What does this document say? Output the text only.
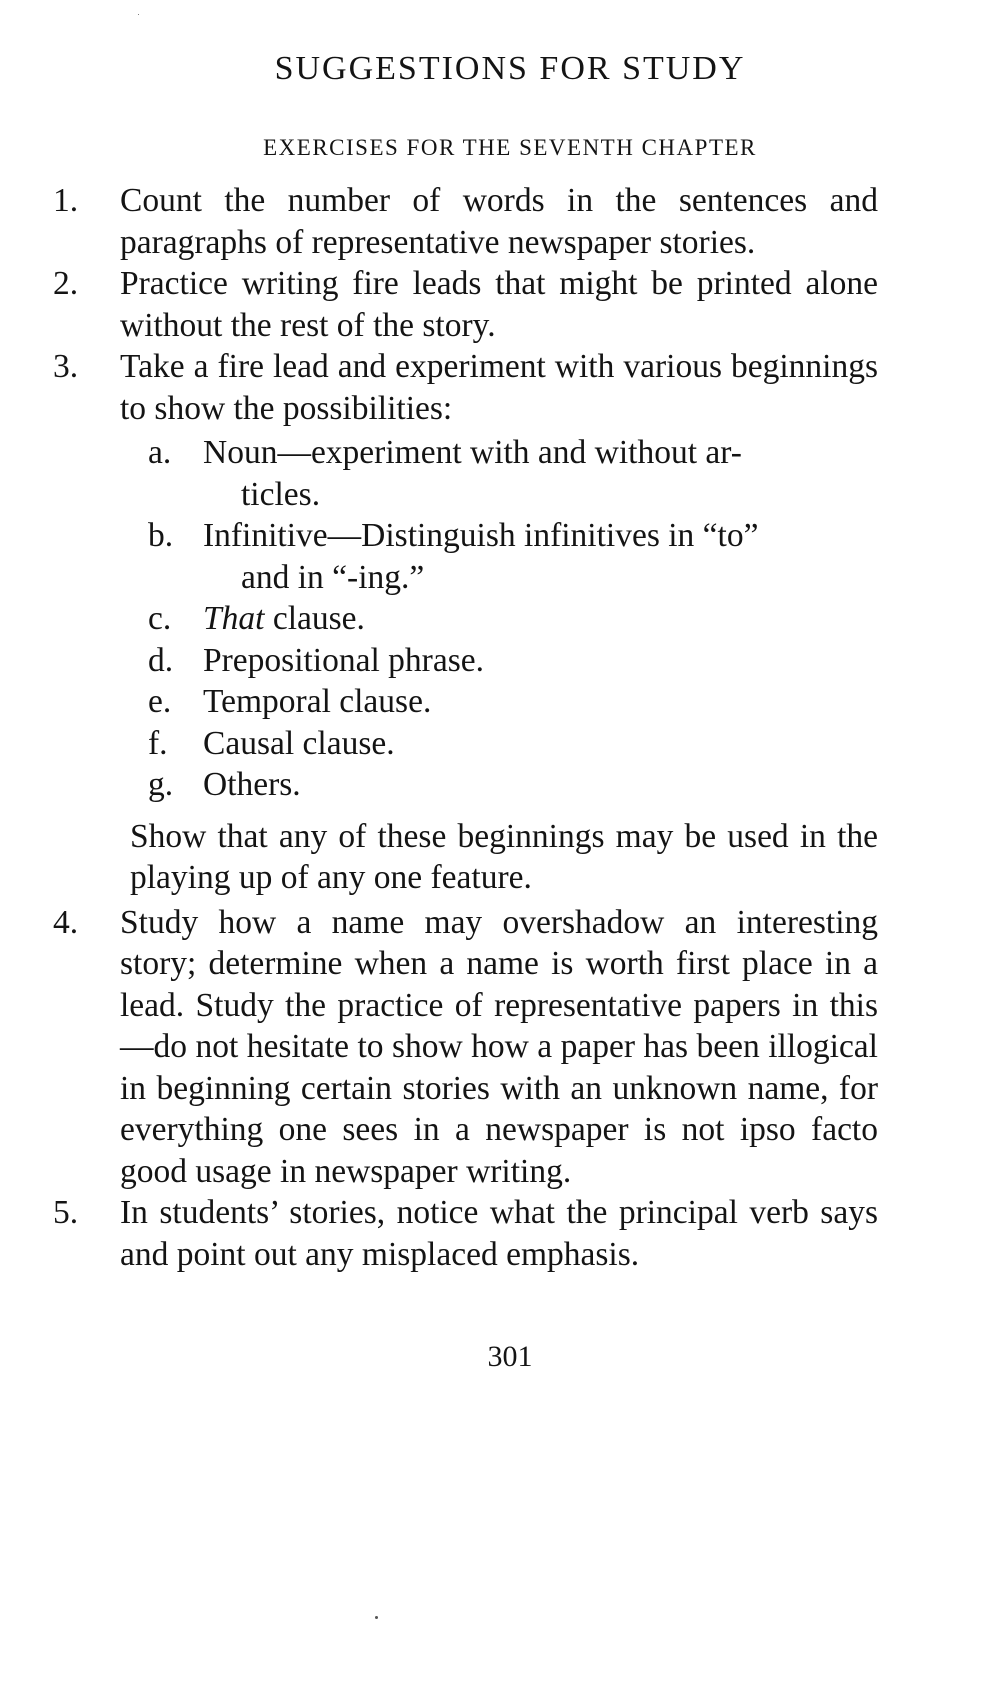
SUGGESTIONS FOR STUDY
EXERCISES FOR THE SEVENTH CHAPTER
1.	Count the number of words in the sentences and paragraphs of representative newspaper stories.
2.	Practice writing fire leads that might be printed alone without the rest of the story.
3.	Take a fire lead and experiment with various beginnings to show the possibilities:
a. Noun—experiment with and without ar-
ticles.
b. Infinitive—Distinguish infinitives in “to”
and in “-ing.”
c. That clause.
d. Prepositional phrase.
e. Temporal clause.
f. Causal clause.
g. Others.
Show that any of these beginnings may be used in the playing up of any one feature.
4.	Study how a name may overshadow an interesting story; determine when a name is worth first place in a lead. Study the practice of representative papers in this—do not hesitate to show how a paper has been illogical in beginning certain stories with an unknown name, for everything one sees in a newspaper is not ipso facto good usage in newspaper writing.
5.	In students’ stories, notice what the principal verb says and point out any misplaced emphasis.
301
